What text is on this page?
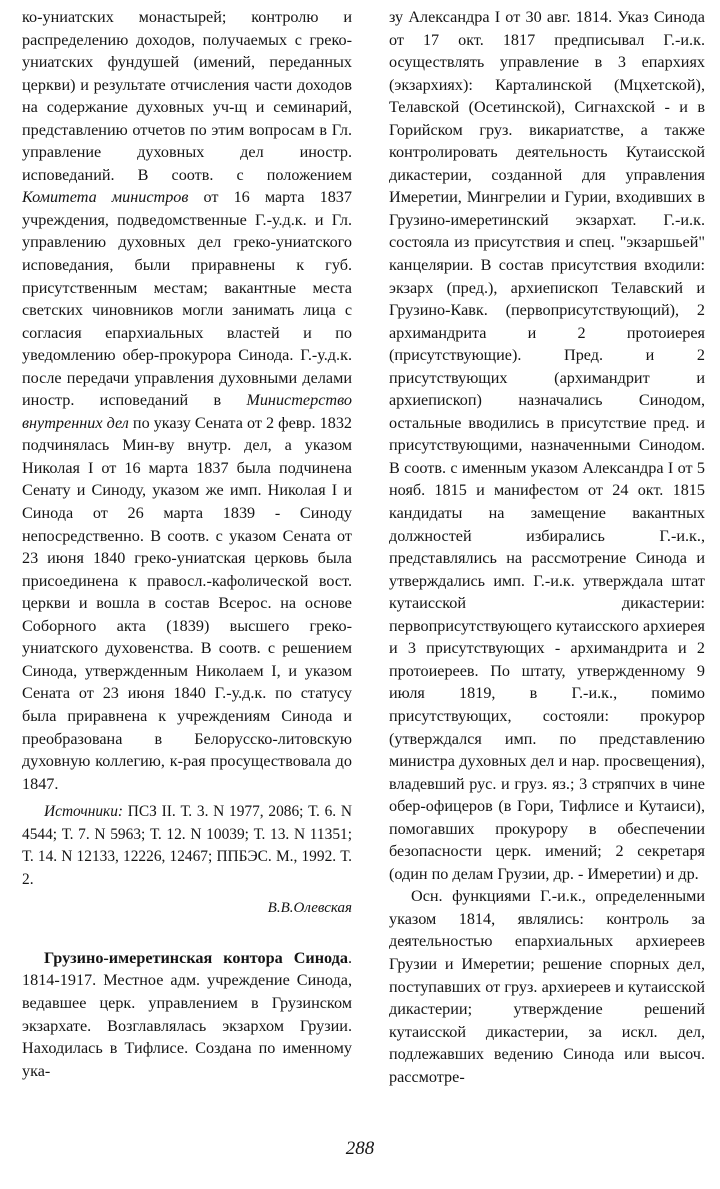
ко-униатских монастырей; контролю и распределению доходов, получаемых с греко-униатских фундушей (имений, переданных церкви) и результате отчисления части доходов на содержание духовных уч-щ и семинарий, представлению отчетов по этим вопросам в Гл. управление духовных дел иностр. исповеданий. В соотв. с положением Комитета министров от 16 марта 1837 учреждения, подведомственные Г.-у.д.к. и Гл. управлению духовных дел греко-униатского исповедания, были приравнены к губ. присутственным местам; вакантные места светских чиновников могли занимать лица с согласия епархиальных властей и по уведомлению обер-прокурора Синода. Г.-у.д.к. после передачи управления духовными делами иностр. исповеданий в Министерство внутренних дел по указу Сената от 2 февр. 1832 подчинялась Мин-ву внутр. дел, а указом Николая I от 16 марта 1837 была подчинена Сенату и Синоду, указом же имп. Николая I и Синода от 26 марта 1839 - Синоду непосредственно. В соотв. с указом Сената от 23 июня 1840 греко-униатская церковь была присоединена к правосл.-кафолической вост. церкви и вошла в состав Всерос. на основе Соборного акта (1839) высшего греко-униатского духовенства. В соотв. с решением Синода, утвержденным Николаем I, и указом Сената от 23 июня 1840 Г.-у.д.к. по статусу была приравнена к учреждениям Синода и преобразована в Белорусско-литовскую духовную коллегию, к-рая просуществовала до 1847.

Источники: ПСЗ II. Т. 3. N 1977, 2086; Т. 6. N 4544; Т. 7. N 5963; Т. 12. N 10039; Т. 13. N 11351; Т. 14. N 12133, 12226, 12467; ППБЭС. М., 1992. Т. 2.

В.В.Олевская

Грузино-имеретинская контора Синода. 1814-1917. Местное адм. учреждение Синода, ведавшее церк. управлением в Грузинском экзархате. Возглавлялась экзархом Грузии. Находилась в Тифлисе. Создана по именному ука-

зу Александра I от 30 авг. 1814. Указ Синода от 17 окт. 1817 предписывал Г.-и.к. осуществлять управление в 3 епархиях (экзархиях): Карталинской (Мцхетской), Телавской (Осетинской), Сигнахской - и в Горийском груз. викариатстве, а также контролировать деятельность Кутаисской дикастерии, созданной для управления Имеретии, Мингрелии и Гурии, входивших в Грузино-имеретинский экзархат. Г.-и.к. состояла из присутствия и спец. "экзаршьей" канцелярии. В состав присутствия входили: экзарх (пред.), архиепископ Телавский и Грузино-Кавк. (первоприсутствующий), 2 архимандрита и 2 протоиерея (присутствующие). Пред. и 2 присутствующих (архимандрит и архиепископ) назначались Синодом, остальные вводились в присутствие пред. и присутствующими, назначенными Синодом. В соотв. с именным указом Александра I от 5 нояб. 1815 и манифестом от 24 окт. 1815 кандидаты на замещение вакантных должностей избирались Г.-и.к., представлялись на рассмотрение Синода и утверждались имп. Г.-и.к. утверждала штат кутаисской дикастерии: первоприсутствующего кутаисского архиерея и 3 присутствующих - архимандрита и 2 протоиереев. По штату, утвержденному 9 июля 1819, в Г.-и.к., помимо присутствующих, состояли: прокурор (утверждался имп. по представлению министра духовных дел и нар. просвещения), владевший рус. и груз. яз.; 3 стряпчих в чине обер-офицеров (в Гори, Тифлисе и Кутаиси), помогавших прокурору в обеспечении безопасности церк. имений; 2 секретаря (один по делам Грузии, др. - Имеретии) и др.

Осн. функциями Г.-и.к., определенными указом 1814, являлись: контроль за деятельностью епархиальных архиереев Грузии и Имеретии; решение спорных дел, поступавших от груз. архиереев и кутаисской дикастерии; утверждение решений кутаисской дикастерии, за искл. дел, подлежавших ведению Синода или высоч. рассмотре-

288
